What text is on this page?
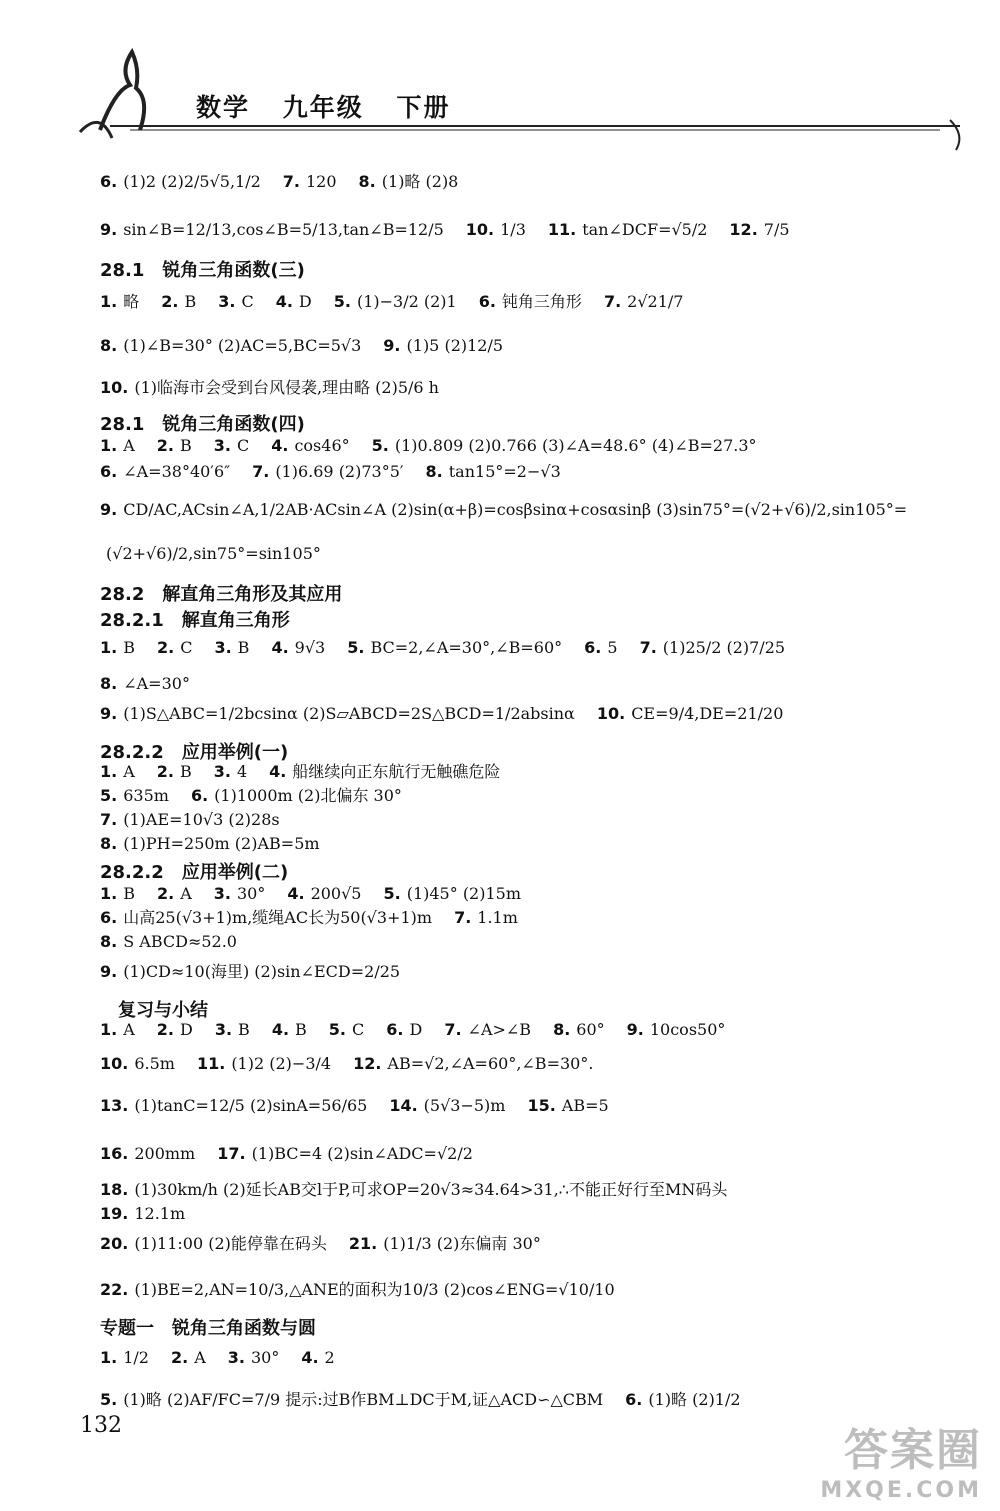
数学 九年级 下册
28.1 锐角三角函数(三)
28.1 锐角三角函数(四)
28.2 解直角三角形及其应用
28.2.1 解直角三角形
28.2.2 应用举例(一)
28.2.2 应用举例(二)
复习与小结
专题一 锐角三角函数与圆
6. (1)2 (2)2/5√5,1/2 7. 120 8. (1)略 (2)8
9. sin∠B=12/13,cos∠B=5/13,tan∠B=12/5 10. 1/3 11. tan∠DCF=√5/2 12. 7/5
1. 略 2. B 3. C 4. D 5. (1)−3/2 (2)1 6. 钝角三角形 7. 2√21/7
8. (1)∠B=30° (2)AC=5,BC=5√3 9. (1)5 (2)12/5
10. (1)临海市会受到台风侵袭,理由略 (2)5/6 h
1. A 2. B 3. C 4. cos46° 5. (1)0.809 (2)0.766 (3)∠A=48.6° (4)∠B=27.3°
6. ∠A=38°40′6″ 7. (1)6.69 (2)73°5′ 8. tan15°=2−√3
9. CD/AC,ACsin∠A,1/2AB·ACsin∠A (2)sin(α+β)=cosβsinα+cosαsinβ (3)sin75°=(√2+√6)/2,sin105°=
(√2+√6)/2,sin75°=sin105°
1. B 2. C 3. B 4. 9√3 5. BC=2,∠A=30°,∠B=60° 6. 5 7. (1)25/2 (2)7/25
8. ∠A=30°
9. (1)S△ABC=1/2bcsinα (2)S▱ABCD=2S△BCD=1/2absinα 10. CE=9/4,DE=21/20
1. A 2. B 3. 4 4. 船继续向正东航行无触礁危险
5. 635m 6. (1)1000m (2)北偏东 30°
7. (1)AE=10√3 (2)28s
8. (1)PH=250m (2)AB=5m
1. B 2. A 3. 30° 4. 200√5 5. (1)45° (2)15m
6. 山高25(√3+1)m,缆绳AC长为50(√3+1)m 7. 1.1m
8. S ABCD≈52.0
9. (1)CD≈10(海里) (2)sin∠ECD=2/25
1. A 2. D 3. B 4. B 5. C 6. D 7. ∠A>∠B 8. 60° 9. 10cos50°
10. 6.5m 11. (1)2 (2)−3/4 12. AB=√2,∠A=60°,∠B=30°.
13. (1)tanC=12/5 (2)sinA=56/65 14. (5√3−5)m 15. AB=5
16. 200mm 17. (1)BC=4 (2)sin∠ADC=√2/2
18. (1)30km/h (2)延长AB交l于P,可求OP=20√3≈34.64>31,∴不能正好行至MN码头
19. 12.1m
20. (1)11:00 (2)能停靠在码头 21. (1)1/3 (2)东偏南 30°
22. (1)BE=2,AN=10/3,△ANE的面积为10/3 (2)cos∠ENG=√10/10
1. 1/2 2. A 3. 30° 4. 2
5. (1)略 (2)AF/FC=7/9 提示:过B作BM⊥DC于M,证△ACD∽△CBM 6. (1)略 (2)1/2
132	答案圈
MXQE.COM
